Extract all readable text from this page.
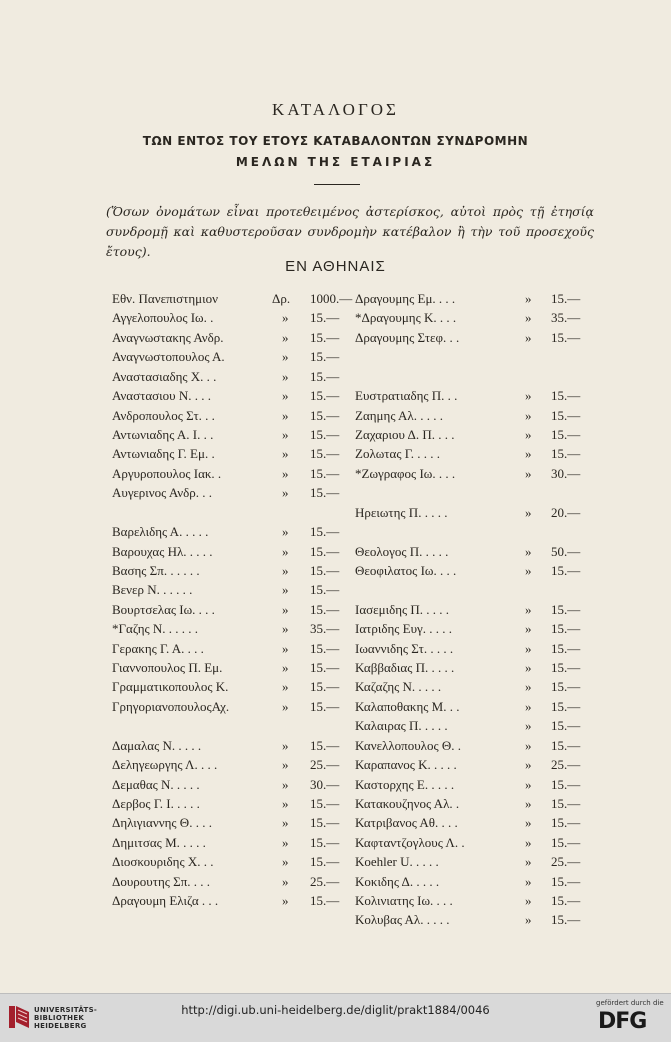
ΚΑΤΑΛΟΓΟΣ
ΤΩΝ ΕΝΤΟΣ ΤΟΥ ΕΤΟΥΣ ΚΑΤΑΒΑΛΟΝΤΩΝ ΣΥΝΔΡΟΜΗΝ
ΜΕΛΩΝ ΤΗΣ ΕΤΑΙΡΙΑΣ
(Ὅσων ὀνομάτων εἶναι προτεθειμένος ἀστερίσκος, αὐτοὶ πρὸς τῇ ἐτησίᾳ συνδρομῇ καὶ καθυστεροῦσαν συνδρομὴν κατέβαλον ἢ τὴν τοῦ προσεχοῦς ἔτους).
ΕΝ ΑΘΗΝΑΙΣ
Εθν. Πανεπιστημιον	Δρ. 1000.—
Αγγελοπουλος Ιω. .	» 15.—
Αναγνωστακης Ανδρ.	» 15.—
Αναγνωστοπουλος Α.	» 15.—
Αναστασιαδης Χ. . .	» 15.—
Αναστασιου Ν. . . .	» 15.—
Ανδροπουλος Στ. . .	» 15.—
Αντωνιαδης Α. Ι. . .	» 15.—
Αντωνιαδης Γ. Εμ. .	» 15.—
Αργυροπουλος Ιακ. .	» 15.—
Αυγερινος Ανδρ. . .	» 15.—
Βαρελιδης Α. . . . .	» 15.—
Βαρουχας Ηλ. . . . .	» 15.—
Βασης Σπ. . . . . .	» 15.—
Βενερ Ν. . . . . .	» 15.—
Βουρτσελας Ιω. . . .	» 15.—
*Γαζης Ν. . . . . .	» 35.—
Γερακης Γ. Α. . . .	» 15.—
Γιαννοπουλος Π. Εμ.	» 15.—
Γραμματικοπουλος Κ.	» 15.—
ΓρηγοριανοπουλοςΑχ.	» 15.—
Δαμαλας Ν. . . . .	» 15.—
Δεληγεωργης Λ. . . .	» 25.—
Δεμαθας Ν. . . . .	» 30.—
Δερβος Γ. Ι. . . . .	» 15.—
Δηλιγιαννης Θ. . . .	» 15.—
Δημιτσας Μ. . . . .	» 15.—
Διοσκουριδης Χ. . .	» 15.—
Δουρουτης Σπ. . . .	» 25.—
Δραγουμη Ελιζα . . .	» 15.—
Δραγουμης Εμ. . . .	» 15.—
*Δραγουμης Κ. . . .	» 35.—
Δραγουμης Στεφ. . .	» 15.—
Ευστρατιαδης Π. . .	» 15.—
Ζαημης Αλ. . . . .	» 15.—
Ζαχαριου Δ. Π. . . .	» 15.—
Ζολωτας Γ. . . . .	» 15.—
*Ζωγραφος Ιω. . . .	» 30.—
Ηρειωτης Π. . . . .	» 20.—
Θεολογος Π. . . . .	» 50.—
Θεοφιλατος Ιω. . . .	» 15.—
Ιασεμιδης Π. . . . .	» 15.—
Ιατριδης Ευγ. . . . .	» 15.—
Ιωαννιδης Στ. . . . .	» 15.—
Καββαδιας Π. . . . .	» 15.—
Καζαζης Ν. . . . .	» 15.—
Καλαποθακης Μ. . .	» 15.—
Καλαιρας Π. . . . .	» 15.—
Κανελλοπουλος Θ. .	» 15.—
Καραπανος Κ. . . . .	» 25.—
Καστορχης Ε. . . . .	» 15.—
Κατακουζηνος Αλ. .	» 15.—
Κατριβανος Αθ. . . .	» 15.—
Καφταντζογλους Λ. .	» 15.—
Koehler U. . . . .	» 25.—
Κοκιδης Δ. . . . .	» 15.—
Κολινιατης Ιω. . . .	» 15.—
Κολυβας Αλ. . . . .	» 15.—
UNIVERSITÄTS-
BIBLIOTHEK
HEIDELBERG
http://digi.ub.uni-heidelberg.de/diglit/prakt1884/0046	gefördert durch die
DFG
